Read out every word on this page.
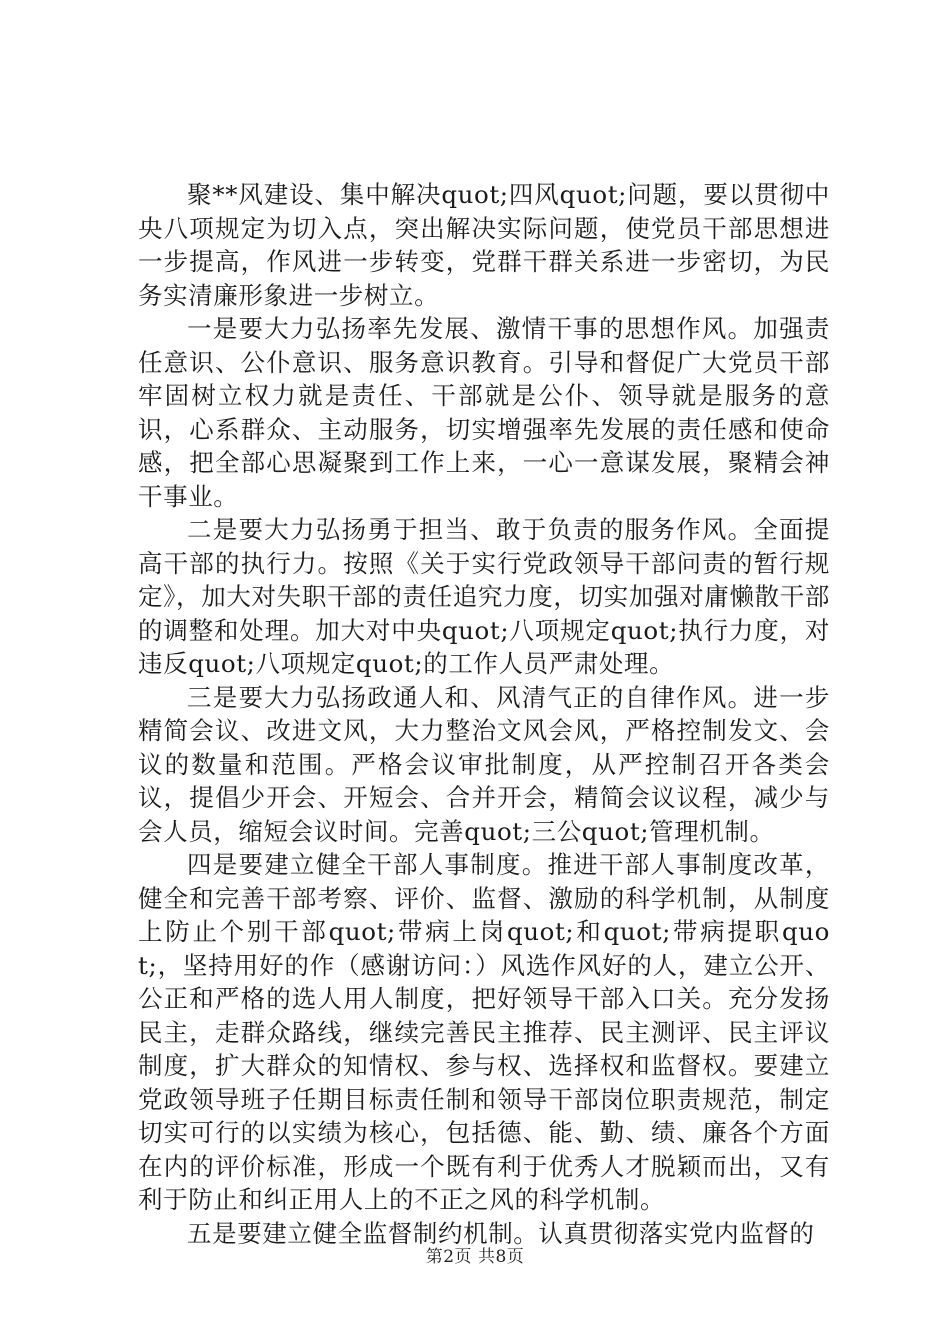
聚**风建设、集中解决quot;四风quot;问题，要以贯彻中央八项规定为切入点，突出解决实际问题，使党员干部思想进一步提高，作风进一步转变，党群干群关系进一步密切，为民务实清廉形象进一步树立。

一是要大力弘扬率先发展、激情干事的思想作风。加强责任意识、公仆意识、服务意识教育。引导和督促广大党员干部牢固树立权力就是责任、干部就是公仆、领导就是服务的意识，心系群众、主动服务，切实增强率先发展的责任感和使命感，把全部心思凝聚到工作上来，一心一意谋发展，聚精会神干事业。

二是要大力弘扬勇于担当、敢于负责的服务作风。全面提高干部的执行力。按照《关于实行党政领导干部问责的暂行规定》，加大对失职干部的责任追究力度，切实加强对庸懒散干部的调整和处理。加大对中央quot;八项规定quot;执行力度，对违反quot;八项规定quot;的工作人员严肃处理。

三是要大力弘扬政通人和、风清气正的自律作风。进一步精简会议、改进文风，大力整治文风会风，严格控制发文、会议的数量和范围。严格会议审批制度，从严控制召开各类会议，提倡少开会、开短会、合并开会，精简会议议程，减少与会人员，缩短会议时间。完善quot;三公quot;管理机制。

四是要建立健全干部人事制度。推进干部人事制度改革，健全和完善干部考察、评价、监督、激励的科学机制，从制度上防止个别干部quot;带病上岗quot;和quot;带病提职quot;，坚持用好的作（感谢访问：）风选作风好的人，建立公开、公正和严格的选人用人制度，把好领导干部入口关。充分发扬民主，走群众路线，继续完善民主推荐、民主测评、民主评议制度，扩大群众的知情权、参与权、选择权和监督权。要建立党政领导班子任期目标责任制和领导干部岗位职责规范，制定切实可行的以实绩为核心，包括德、能、勤、绩、廉各个方面在内的评价标准，形成一个既有利于优秀人才脱颖而出，又有利于防止和纠正用人上的不正之风的科学机制。

五是要建立健全监督制约机制。认真贯彻落实党内监督的

第2页 共8页
